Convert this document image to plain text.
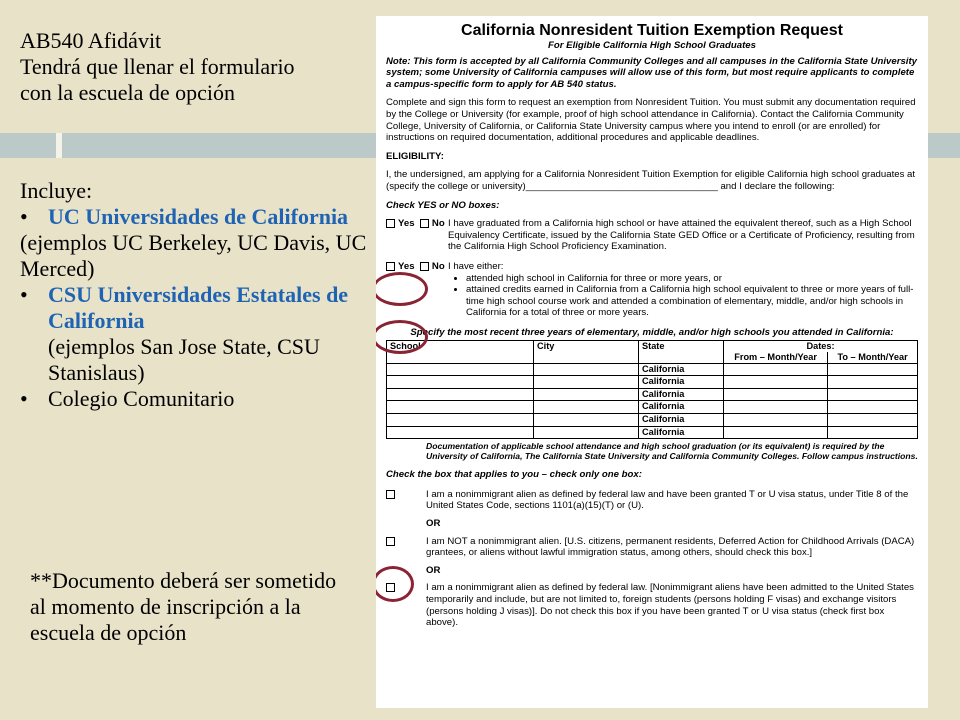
AB540 Afidávit
Tendrá que llenar el formulario
con la escuela de opción
Incluye:
• UC Universidades de California
(ejemplos UC Berkeley, UC Davis, UC Merced)
• CSU Universidades Estatales de California
(ejemplos San Jose State, CSU Stanislaus)
• Colegio Comunitario
**Documento deberá ser sometido al momento de inscripción a la escuela de opción
California Nonresident Tuition Exemption Request
For Eligible California High School Graduates

Note: This form is accepted by all California Community Colleges and all campuses in the California State University system; some University of California campuses will allow use of this form, but most require applicants to complete a campus-specific form to apply for AB 540 status.

Complete and sign this form to request an exemption from Nonresident Tuition. You must submit any documentation required by the College or University (for example, proof of high school attendance in California). Contact the California Community College, University of California, or California State University campus where you intend to enroll (or are enrolled) for instructions on required documentation, additional procedures and applicable deadlines.

ELIGIBILITY:

I, the undersigned, am applying for a California Nonresident Tuition Exemption for eligible California high school graduates at (specify the college or university)____________________________________ and I declare the following:

Check YES or NO boxes:

Yes No I have graduated from a California high school or have attained the equivalent thereof, such as a High School Equivalency Certificate, issued by the California State GED Office or a Certificate of Proficiency, resulting from the California High School Proficiency Examination.
Yes No I have either:
• attended high school in California for three or more years, or
• attained credits earned in California from a California high school equivalent to three or more years of full-time high school course work and attended a combination of elementary, middle, and/or high schools in California for a total of three or more years.
Specify the most recent three years of elementary, middle, and/or high schools you attended in California:
School	City	State	Dates:	
			From – Month/Year	To – Month/Year
		California		
		California		
		California		
		California		
		California		
		California		

Documentation of applicable school attendance and high school graduation (or its equivalent) is required by the University of California, The California State University and California Community Colleges. Follow campus instructions.

Check the box that applies to you – check only one box:

I am a nonimmigrant alien as defined by federal law and have been granted T or U visa status, under Title 8 of the United States Code, sections 1101(a)(15)(T) or (U).
OR
I am NOT a nonimmigrant alien. [U.S. citizens, permanent residents, Deferred Action for Childhood Arrivals (DACA) grantees, or aliens without lawful immigration status, among others, should check this box.]
OR
I am a nonimmigrant alien as defined by federal law. [Nonimmigrant aliens have been admitted to the United States temporarily and include, but are not limited to, foreign students (persons holding F visas) and exchange visitors (persons holding J visas)]. Do not check this box if you have been granted T or U visa status (check first box above).
